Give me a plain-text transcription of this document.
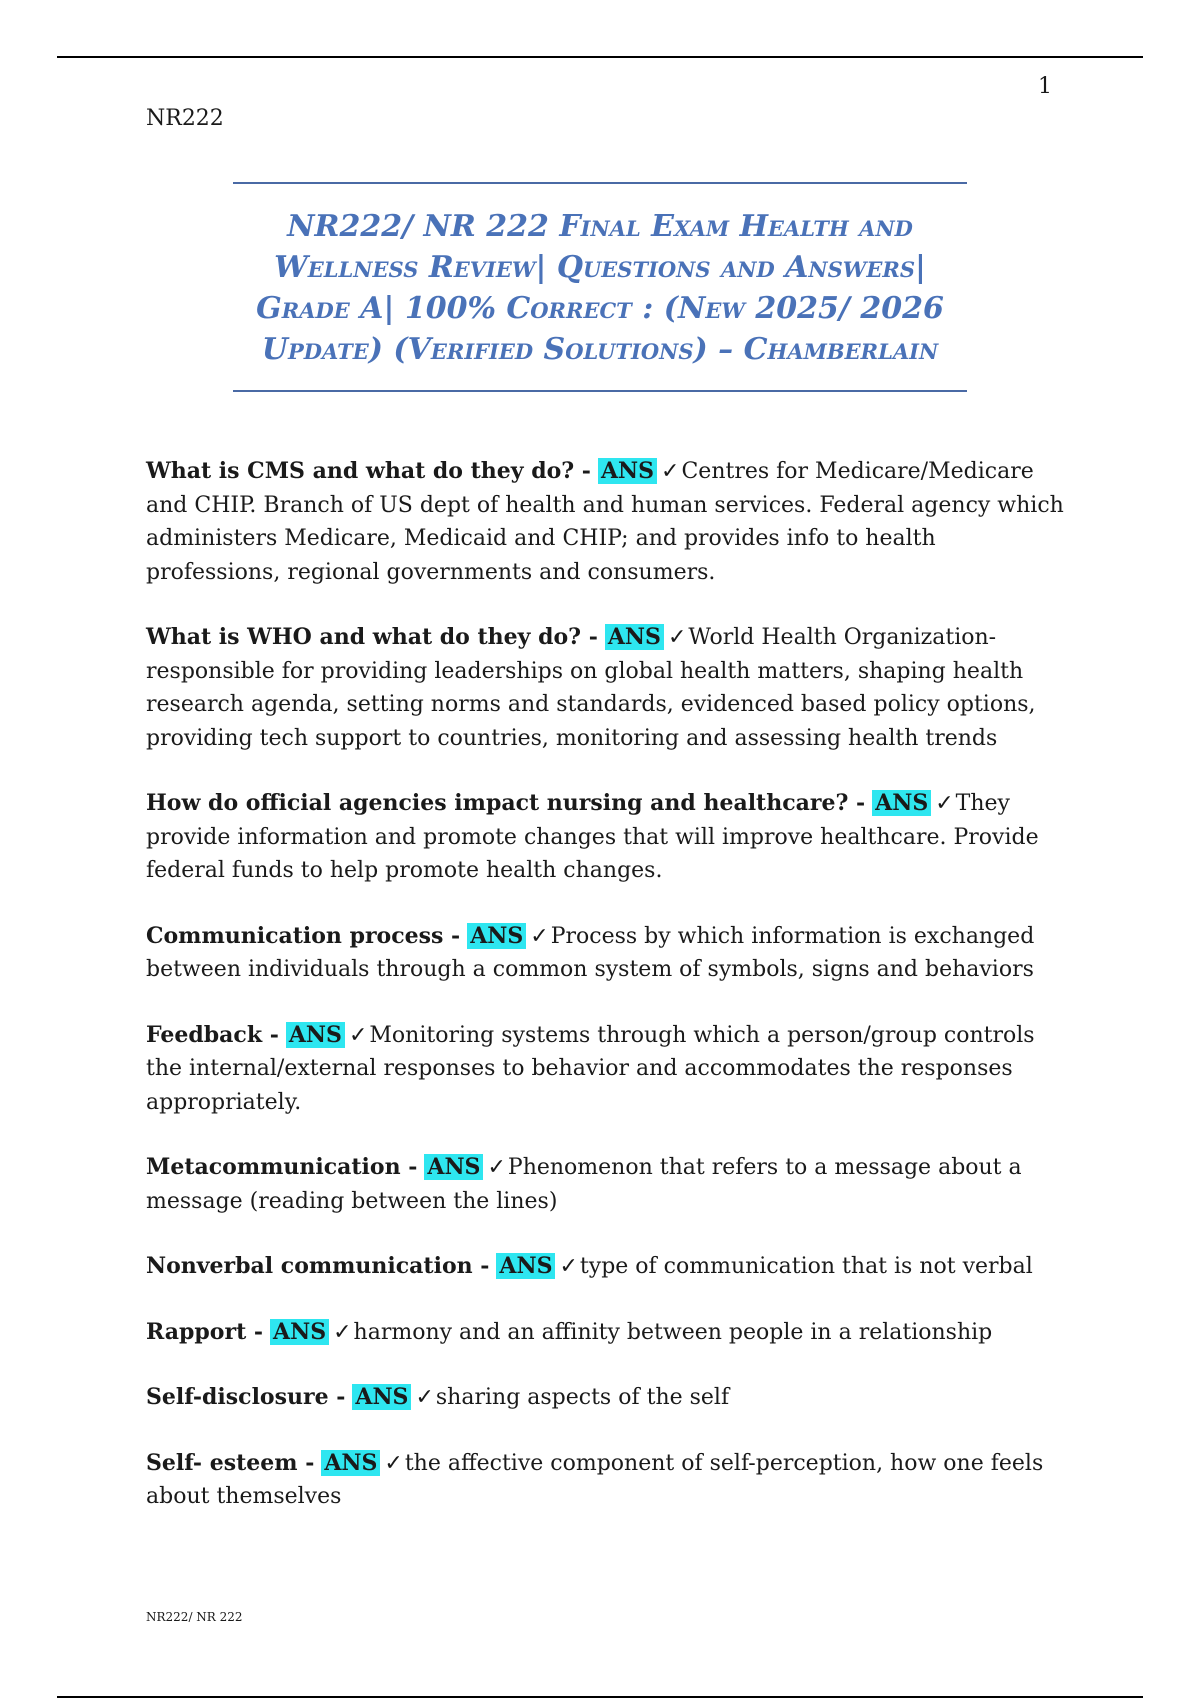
1
NR222
NR222/ NR 222 Final Exam Health and Wellness Review| Questions and Answers| Grade A| 100% Correct : (New 2025/ 2026 Update) (Verified Solutions) – Chamberlain

What is CMS and what do they do? - ANS ✓Centres for Medicare/Medicare and CHIP. Branch of US dept of health and human services. Federal agency which administers Medicare, Medicaid and CHIP; and provides info to health professions, regional governments and consumers.

What is WHO and what do they do? - ANS ✓World Health Organization- responsible for providing leaderships on global health matters, shaping health research agenda, setting norms and standards, evidenced based policy options, providing tech support to countries, monitoring and assessing health trends

How do official agencies impact nursing and healthcare? - ANS ✓They provide information and promote changes that will improve healthcare. Provide federal funds to help promote health changes.

Communication process - ANS ✓Process by which information is exchanged between individuals through a common system of symbols, signs and behaviors

Feedback - ANS ✓Monitoring systems through which a person/group controls the internal/external responses to behavior and accommodates the responses appropriately.

Metacommunication - ANS ✓Phenomenon that refers to a message about a message (reading between the lines)

Nonverbal communication - ANS ✓type of communication that is not verbal

Rapport - ANS ✓harmony and an affinity between people in a relationship

Self-disclosure - ANS ✓sharing aspects of the self

Self- esteem - ANS ✓the affective component of self-perception, how one feels about themselves

NR222/ NR 222
